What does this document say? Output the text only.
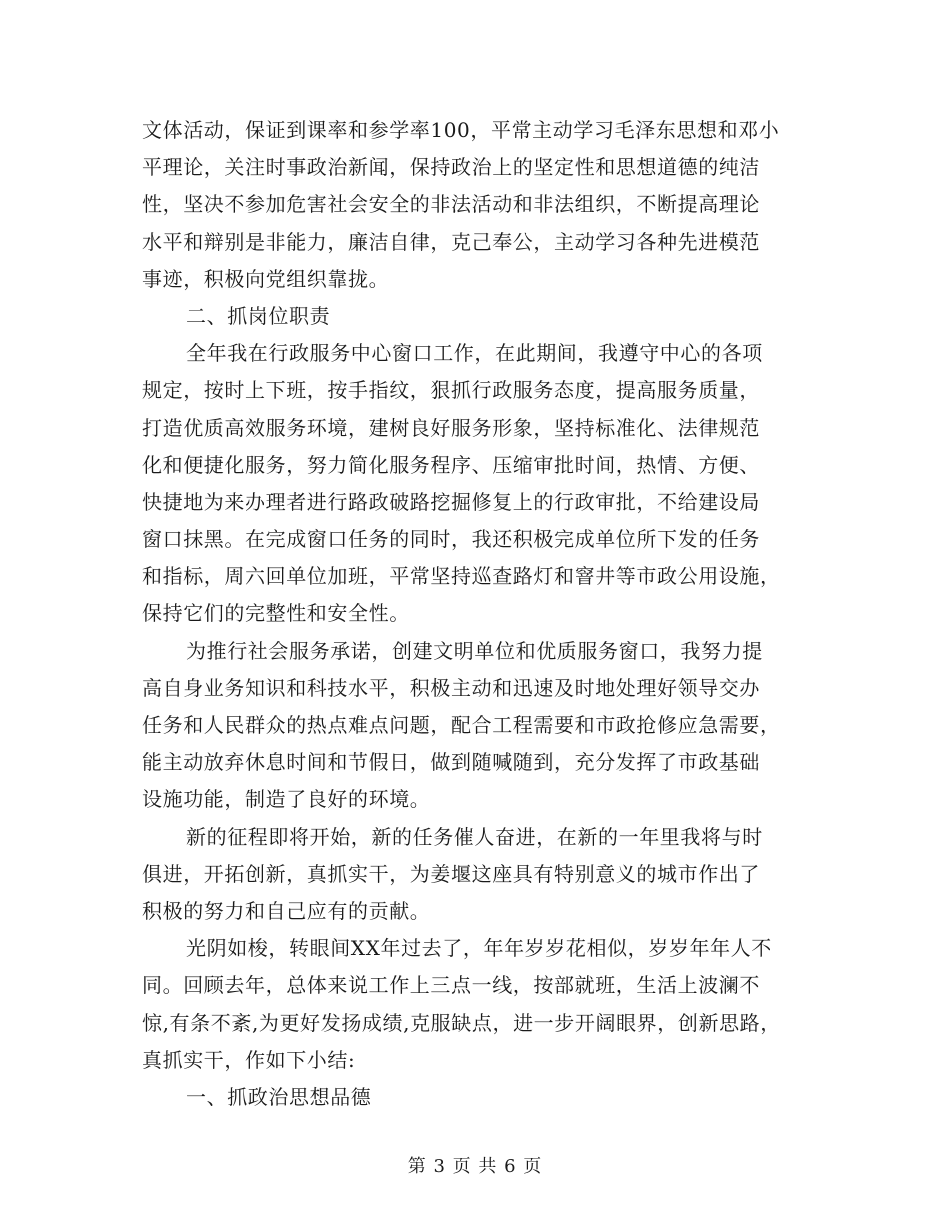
文体活动，保证到课率和参学率100，平常主动学习毛泽东思想和邓小
平理论，关注时事政治新闻，保持政治上的坚定性和思想道德的纯洁
性，坚决不参加危害社会安全的非法活动和非法组织，不断提高理论
水平和辩别是非能力，廉洁自律，克己奉公，主动学习各种先进模范
事迹，积极向党组织靠拢。
二、抓岗位职责
全年我在行政服务中心窗口工作，在此期间，我遵守中心的各项
规定，按时上下班，按手指纹，狠抓行政服务态度，提高服务质量，
打造优质高效服务环境，建树良好服务形象，坚持标准化、法律规范
化和便捷化服务，努力简化服务程序、压缩审批时间，热情、方便、
快捷地为来办理者进行路政破路挖掘修复上的行政审批，不给建设局
窗口抹黑。在完成窗口任务的同时，我还积极完成单位所下发的任务
和指标，周六回单位加班，平常坚持巡查路灯和窨井等市政公用设施，
保持它们的完整性和安全性。
为推行社会服务承诺，创建文明单位和优质服务窗口，我努力提
高自身业务知识和科技水平，积极主动和迅速及时地处理好领导交办
任务和人民群众的热点难点问题，配合工程需要和市政抢修应急需要，
能主动放弃休息时间和节假日，做到随喊随到，充分发挥了市政基础
设施功能，制造了良好的环境。
新的征程即将开始，新的任务催人奋进，在新的一年里我将与时
俱进，开拓创新，真抓实干，为姜堰这座具有特别意义的城市作出了
积极的努力和自己应有的贡献。
光阴如梭，转眼间XX年过去了，年年岁岁花相似，岁岁年年人不
同。回顾去年，总体来说工作上三点一线，按部就班，生活上波澜不
惊,有条不紊,为更好发扬成绩,克服缺点，进一步开阔眼界，创新思路，
真抓实干，作如下小结:
一、抓政治思想品德
第 3 页 共 6 页
